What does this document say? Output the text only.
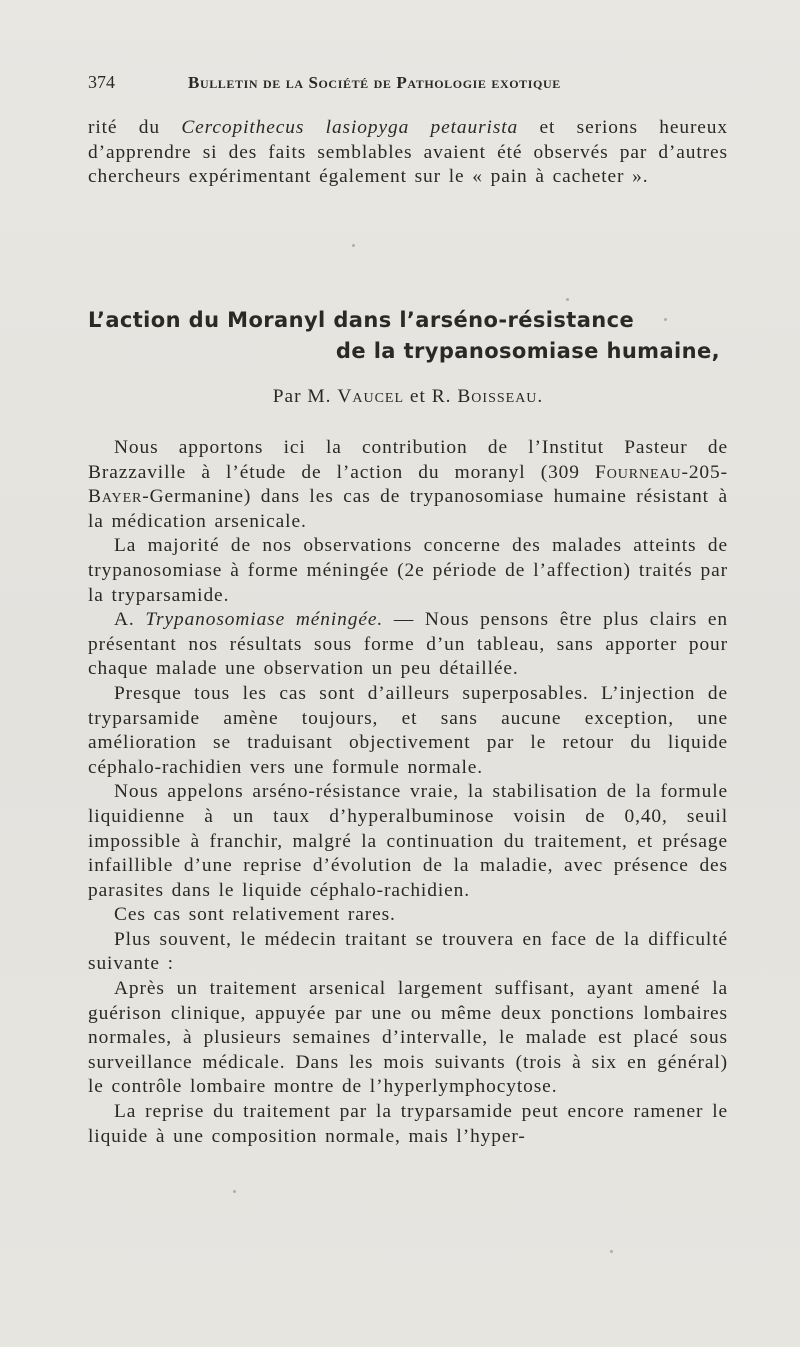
374	Bulletin de la Société de Pathologie exotique

rité du Cercopithecus lasiopyga petaurista et serions heureux d’apprendre si des faits semblables avaient été observés par d’autres chercheurs expérimentant également sur le « pain à cacheter ».

L’action du Moranyl dans l’arséno-résistance
de la trypanosomiase humaine,
Par M. Vaucel et R. Boisseau.

Nous apportons ici la contribution de l’Institut Pasteur de Brazzaville à l’étude de l’action du moranyl (309 Fourneau-205-Bayer-Germanine) dans les cas de trypanosomiase humaine résistant à la médication arsenicale.

La majorité de nos observations concerne des malades atteints de trypanosomiase à forme méningée (2e période de l’affection) traités par la tryparsamide.

A. Trypanosomiase méningée. — Nous pensons être plus clairs en présentant nos résultats sous forme d’un tableau, sans apporter pour chaque malade une observation un peu détaillée.

Presque tous les cas sont d’ailleurs superposables. L’injection de tryparsamide amène toujours, et sans aucune exception, une amélioration se traduisant objectivement par le retour du liquide céphalo-rachidien vers une formule normale.

Nous appelons arséno-résistance vraie, la stabilisation de la formule liquidienne à un taux d’hyperalbuminose voisin de 0,40, seuil impossible à franchir, malgré la continuation du traitement, et présage infaillible d’une reprise d’évolution de la maladie, avec présence des parasites dans le liquide céphalo-rachidien.

Ces cas sont relativement rares.

Plus souvent, le médecin traitant se trouvera en face de la difficulté suivante :

Après un traitement arsenical largement suffisant, ayant amené la guérison clinique, appuyée par une ou même deux ponctions lombaires normales, à plusieurs semaines d’intervalle, le malade est placé sous surveillance médicale. Dans les mois suivants (trois à six en général) le contrôle lombaire montre de l’hyperlymphocytose.

La reprise du traitement par la tryparsamide peut encore ramener le liquide à une composition normale, mais l’hyper-
